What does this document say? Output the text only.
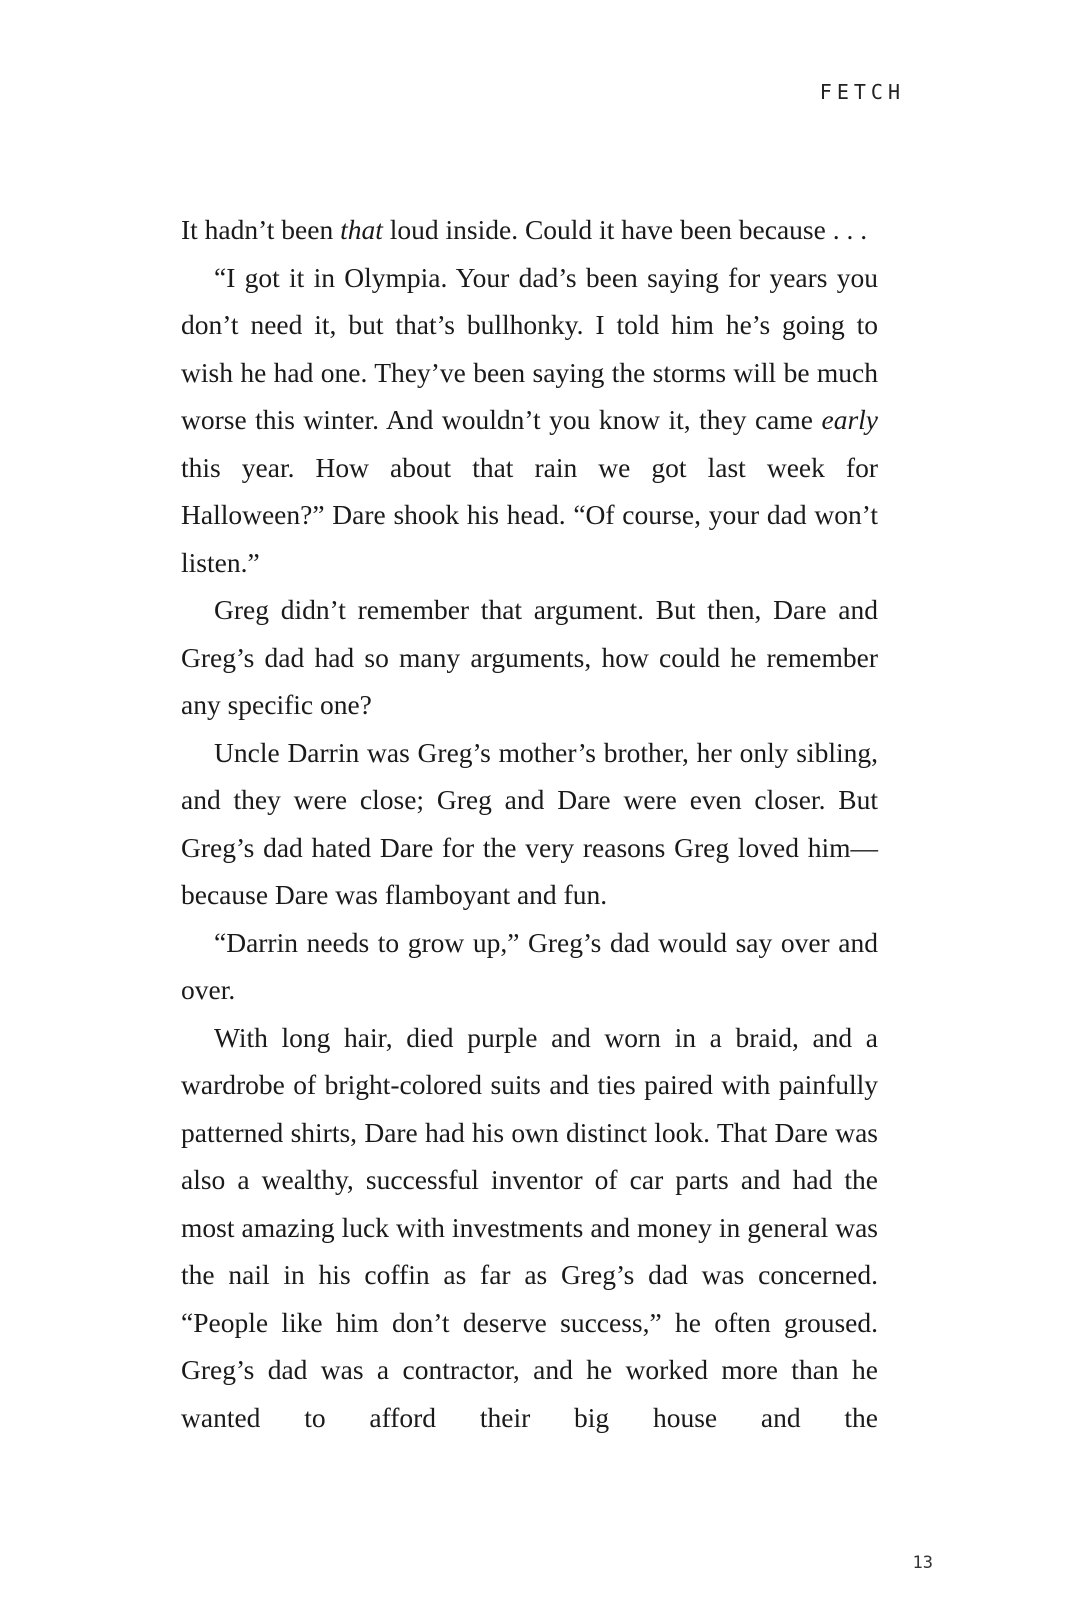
FETCH

It hadn’t been that loud inside. Could it have been because . . .

“I got it in Olympia. Your dad’s been saying for years you don’t need it, but that’s bullhonky. I told him he’s going to wish he had one. They’ve been saying the storms will be much worse this winter. And wouldn’t you know it, they came early this year. How about that rain we got last week for Halloween?” Dare shook his head. “Of course, your dad won’t listen.”

Greg didn’t remember that argument. But then, Dare and Greg’s dad had so many arguments, how could he remember any specific one?

Uncle Darrin was Greg’s mother’s brother, her only sibling, and they were close; Greg and Dare were even closer. But Greg’s dad hated Dare for the very reasons Greg loved him—because Dare was flamboyant and fun.

“Darrin needs to grow up,” Greg’s dad would say over and over.

With long hair, died purple and worn in a braid, and a wardrobe of bright-colored suits and ties paired with painfully patterned shirts, Dare had his own distinct look. That Dare was also a wealthy, successful inventor of car parts and had the most amazing luck with investments and money in general was the nail in his coffin as far as Greg’s dad was concerned. “People like him don’t deserve success,” he often groused. Greg’s dad was a contractor, and he worked more than he wanted to afford their big house and the

13
